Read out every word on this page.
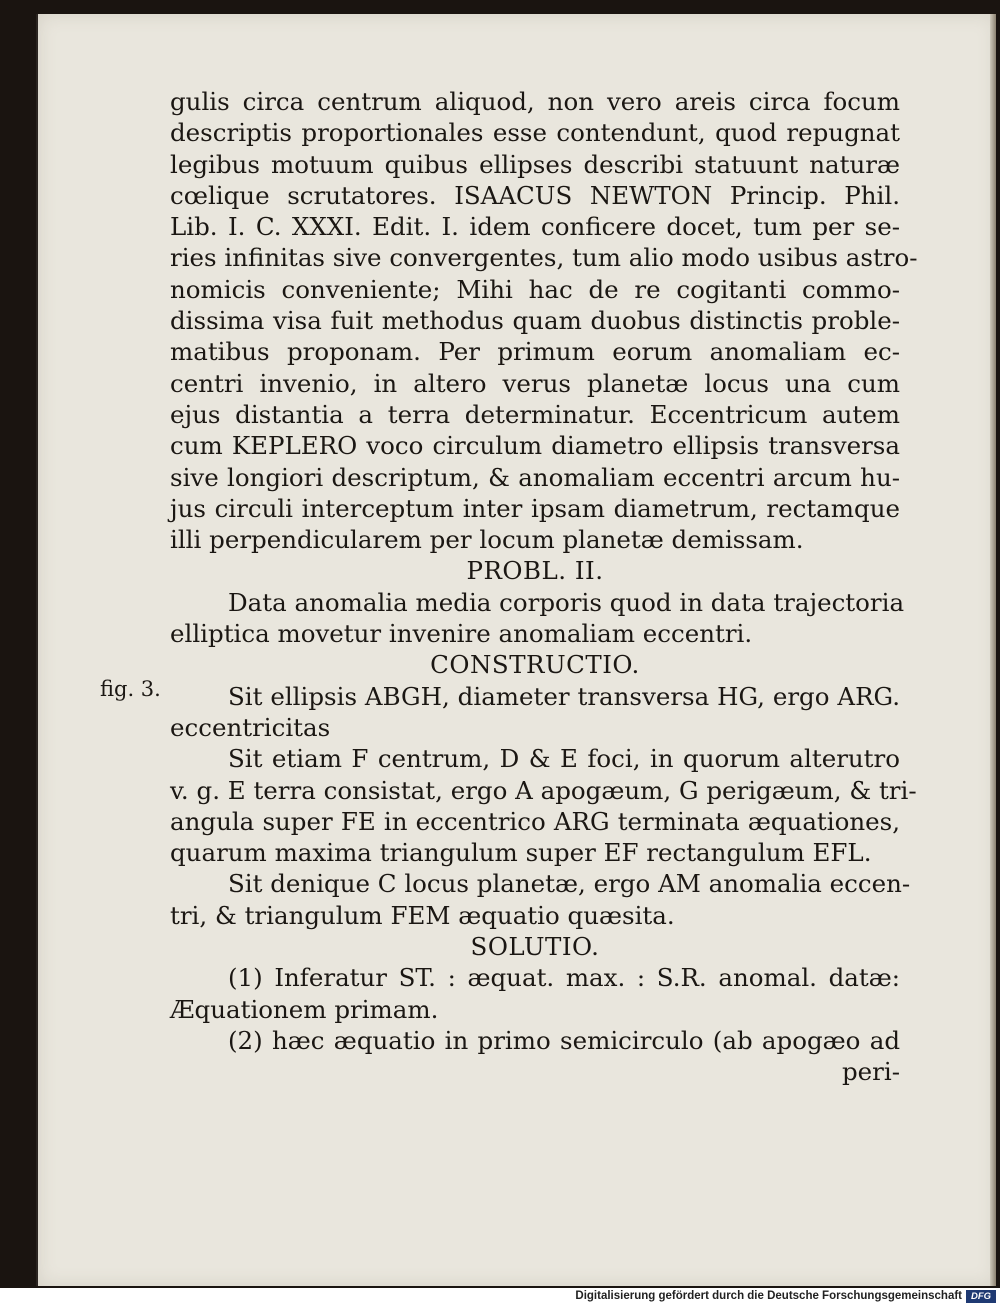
fig. 3.
gulis circa centrum aliquod, non vero areis circa focum
descriptis proportionales esse contendunt, quod repugnat
legibus motuum quibus ellipses describi statuunt naturæ
cœlique scrutatores. ISAACUS NEWTON Princip. Phil.
Lib. I. C. XXXI. Edit. I. idem conficere docet, tum per se-
ries infinitas sive convergentes, tum alio modo usibus astro-
nomicis conveniente; Mihi hac de re cogitanti commo-
dissima visa fuit methodus quam duobus distinctis proble-
matibus proponam. Per primum eorum anomaliam ec-
centri invenio, in altero verus planetæ locus una cum
ejus distantia a terra determinatur. Eccentricum autem
cum KEPLERO voco circulum diametro ellipsis transversa
sive longiori descriptum, & anomaliam eccentri arcum hu-
jus circuli interceptum inter ipsam diametrum, rectamque
illi perpendicularem per locum planetæ demissam.
PROBL. II.
Data anomalia media corporis quod in data trajectoria
elliptica movetur invenire anomaliam eccentri.
CONSTRUCTIO.
Sit ellipsis ABGH, diameter transversa HG, ergo ARG.
eccentricitas
Sit etiam F centrum, D & E foci, in quorum alterutro
v. g. E terra consistat, ergo A apogæum, G perigæum, & tri-
angula super FE in eccentrico ARG terminata æquationes,
quarum maxima triangulum super EF rectangulum EFL.
Sit denique C locus planetæ, ergo AM anomalia eccen-
tri, & triangulum FEM æquatio quæsita.
SOLUTIO.
(1) Inferatur ST. : æquat. max. : S.R. anomal. datæ:
Æquationem primam.
(2) hæc æquatio in primo semicirculo (ab apogæo ad
peri-
Digitalisierung gefördert durch die Deutsche Forschungsgemeinschaft DFG
